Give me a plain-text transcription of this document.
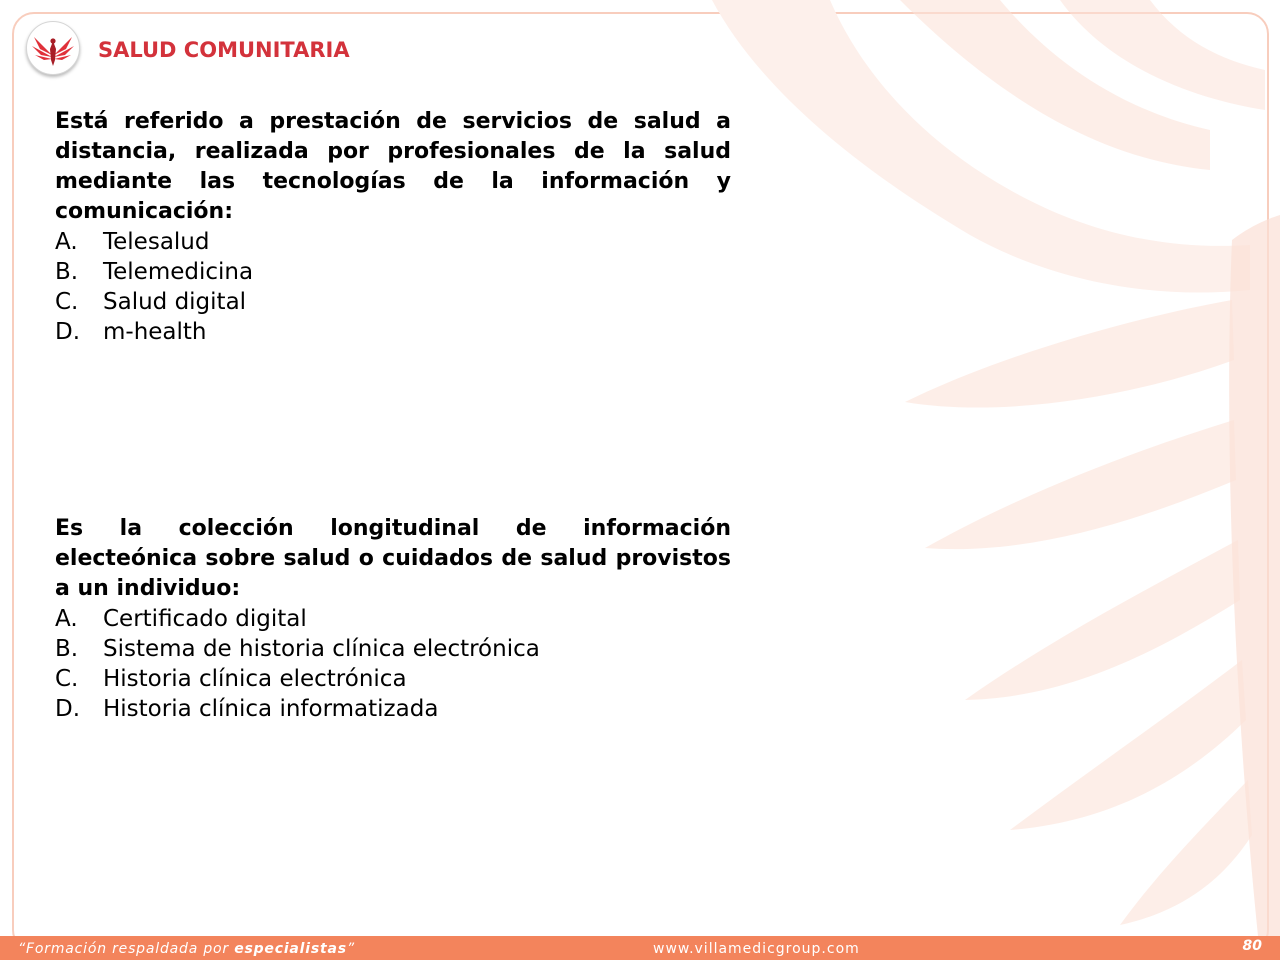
SALUD COMUNITARIA

Está referido a prestación de servicios de salud a distancia, realizada por profesionales de la salud mediante las tecnologías de la información y comunicación:

A.	Telesalud
B.	Telemedicina
C.	Salud digital
D. m-health

Es la colección longitudinal de información electeónica sobre salud o cuidados de salud provistos a un individuo:

A.	Certificado digital
B.	Sistema de historia clínica electrónica
C.	Historia clínica electrónica
D. Historia clínica informatizada
“Formación respaldada por especialistas”	www.villamedicgroup.com	80
